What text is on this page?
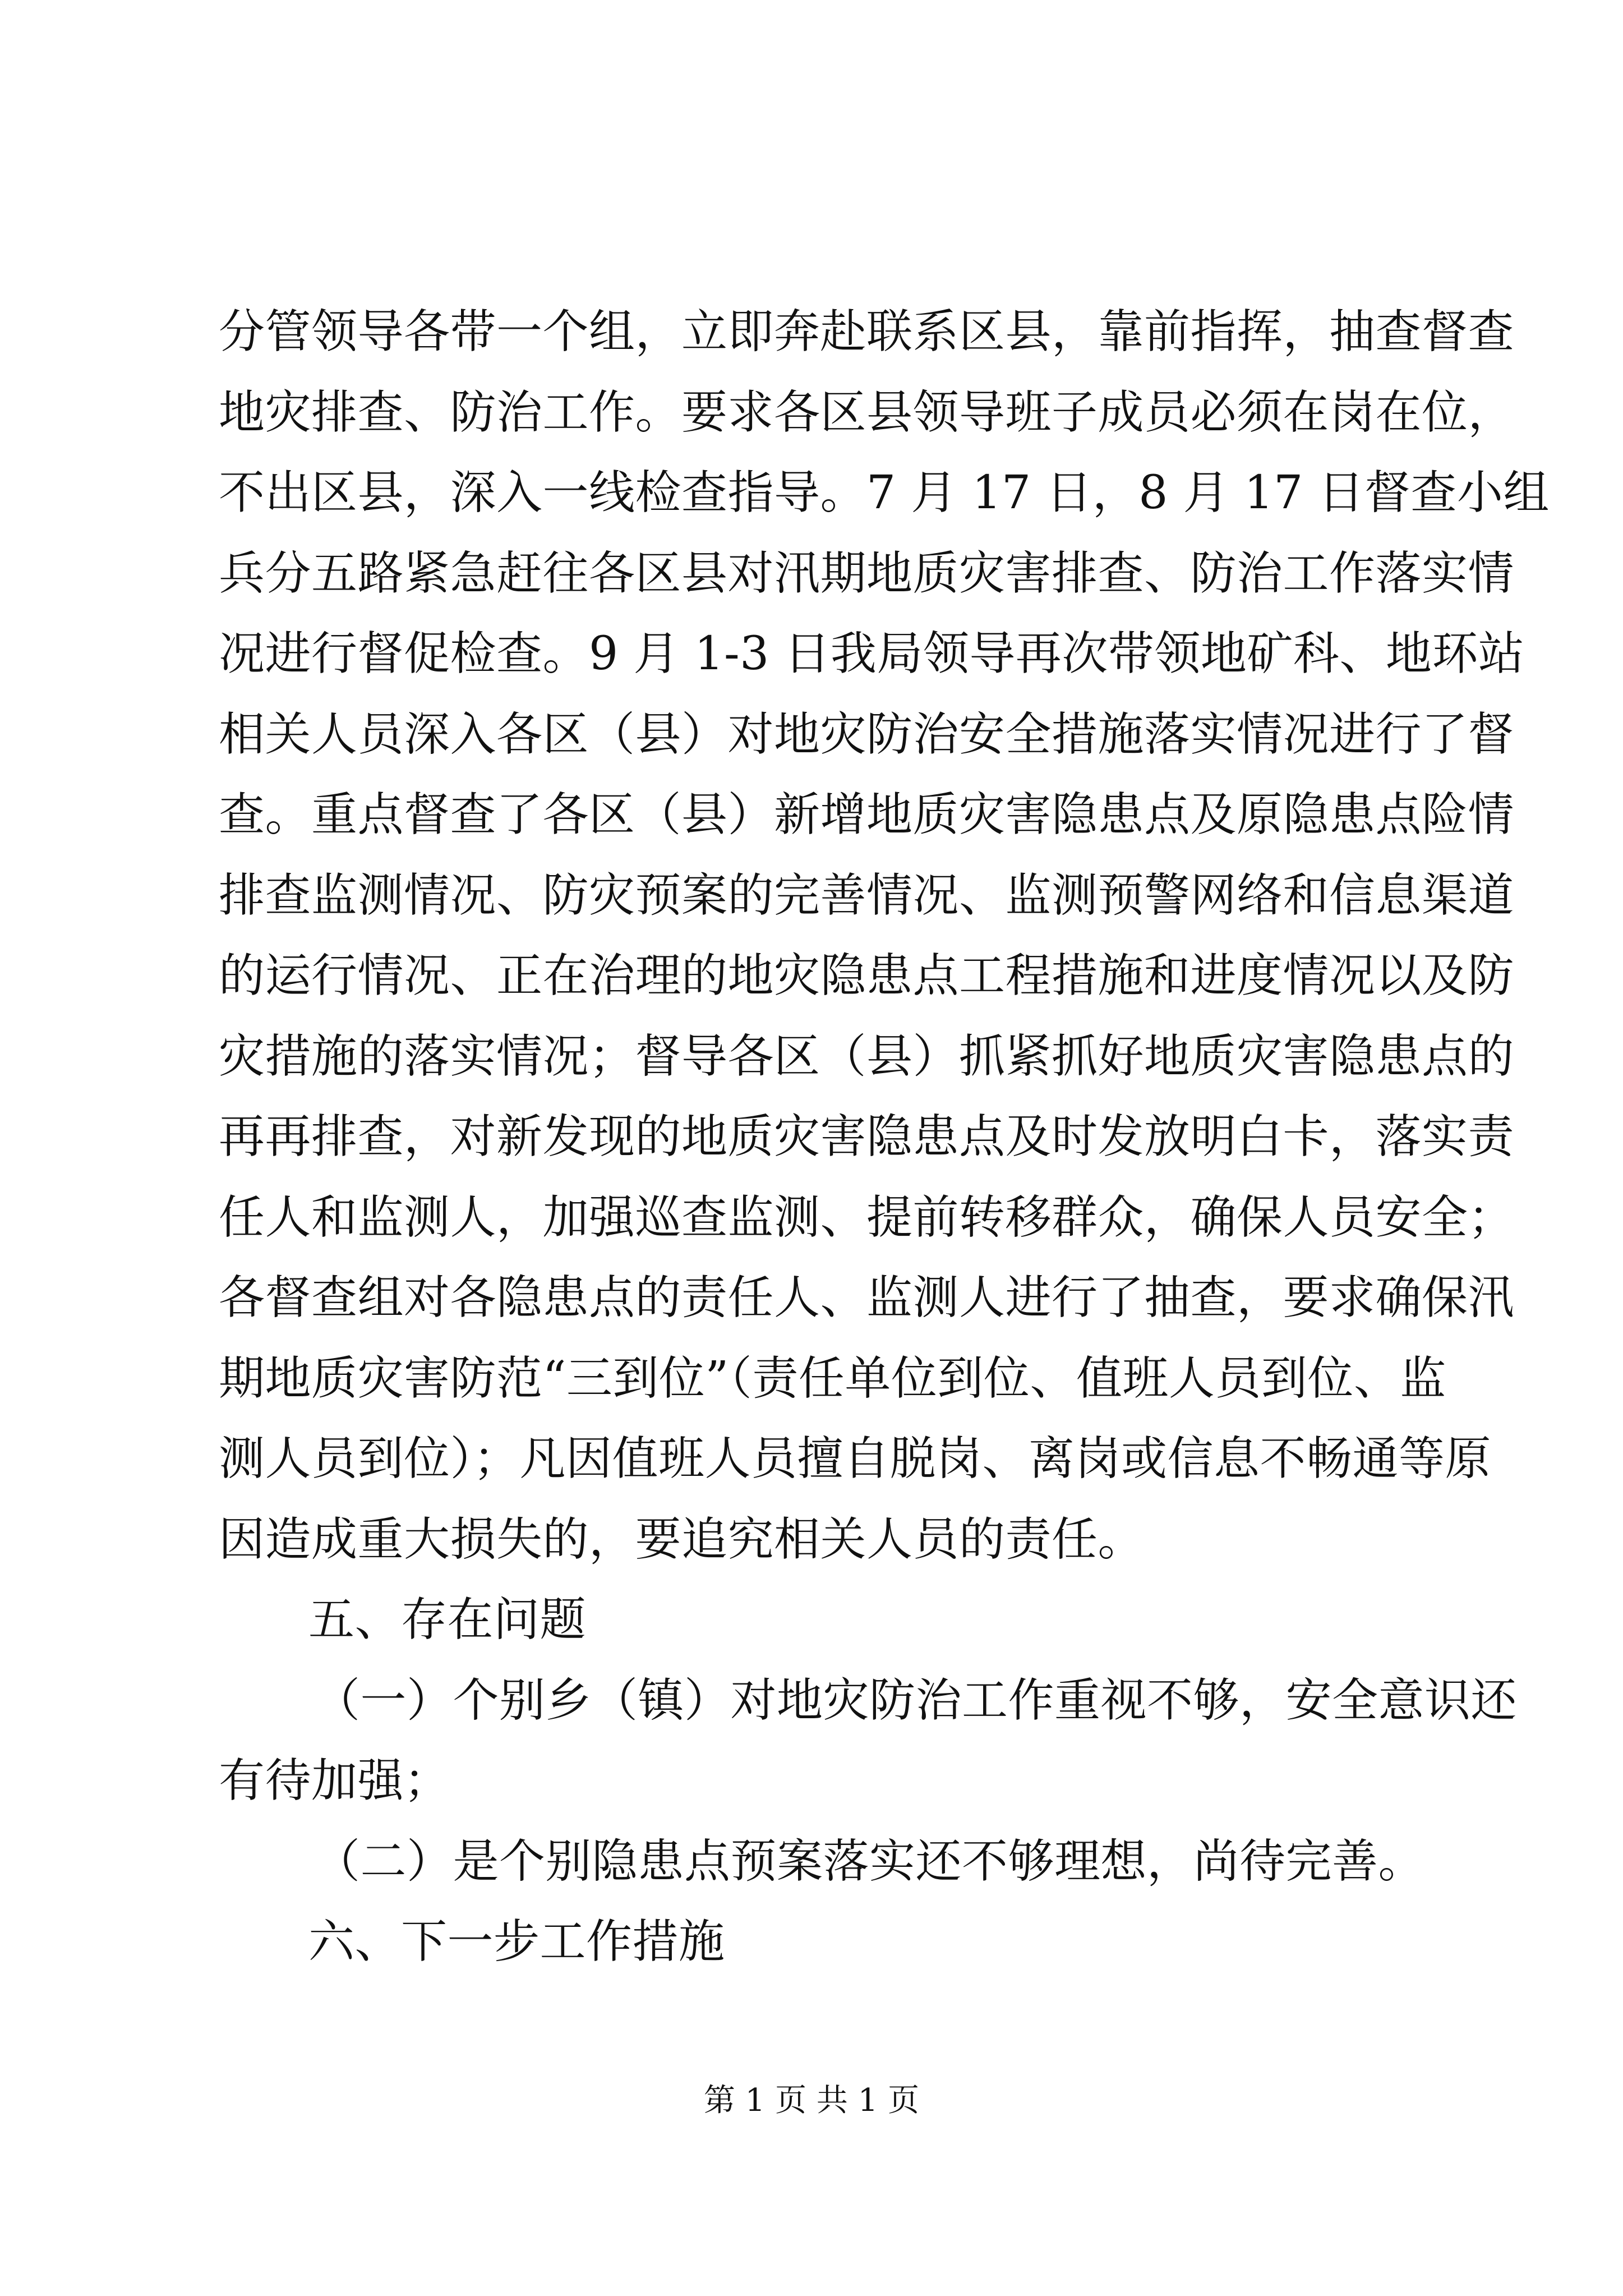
分管领导各带一个组，立即奔赴联系区县，靠前指挥，抽查督查
地灾排查、防治工作。要求各区县领导班子成员必须在岗在位，
不出区县，深入一线检查指导。7 月 17 日，8 月 17 日督查小组
兵分五路紧急赶往各区县对汛期地质灾害排查、防治工作落实情
况进行督促检查。9 月 1-3 日我局领导再次带领地矿科、地环站
相关人员深入各区（县）对地灾防治安全措施落实情况进行了督
查。重点督查了各区（县）新增地质灾害隐患点及原隐患点险情
排查监测情况、防灾预案的完善情况、监测预警网络和信息渠道
的运行情况、正在治理的地灾隐患点工程措施和进度情况以及防
灾措施的落实情况；督导各区（县）抓紧抓好地质灾害隐患点的
再再排查，对新发现的地质灾害隐患点及时发放明白卡，落实责
任人和监测人，加强巡查监测、提前转移群众，确保人员安全；
各督查组对各隐患点的责任人、监测人进行了抽查，要求确保汛
期地质灾害防范“三到位”（责任单位到位、值班人员到位、监
测人员到位）；凡因值班人员擅自脱岗、离岗或信息不畅通等原
因造成重大损失的，要追究相关人员的责任。
五、存在问题
（一）个别乡（镇）对地灾防治工作重视不够，安全意识还
有待加强；
（二）是个别隐患点预案落实还不够理想，尚待完善。
六、下一步工作措施
第 1 页 共 1 页
